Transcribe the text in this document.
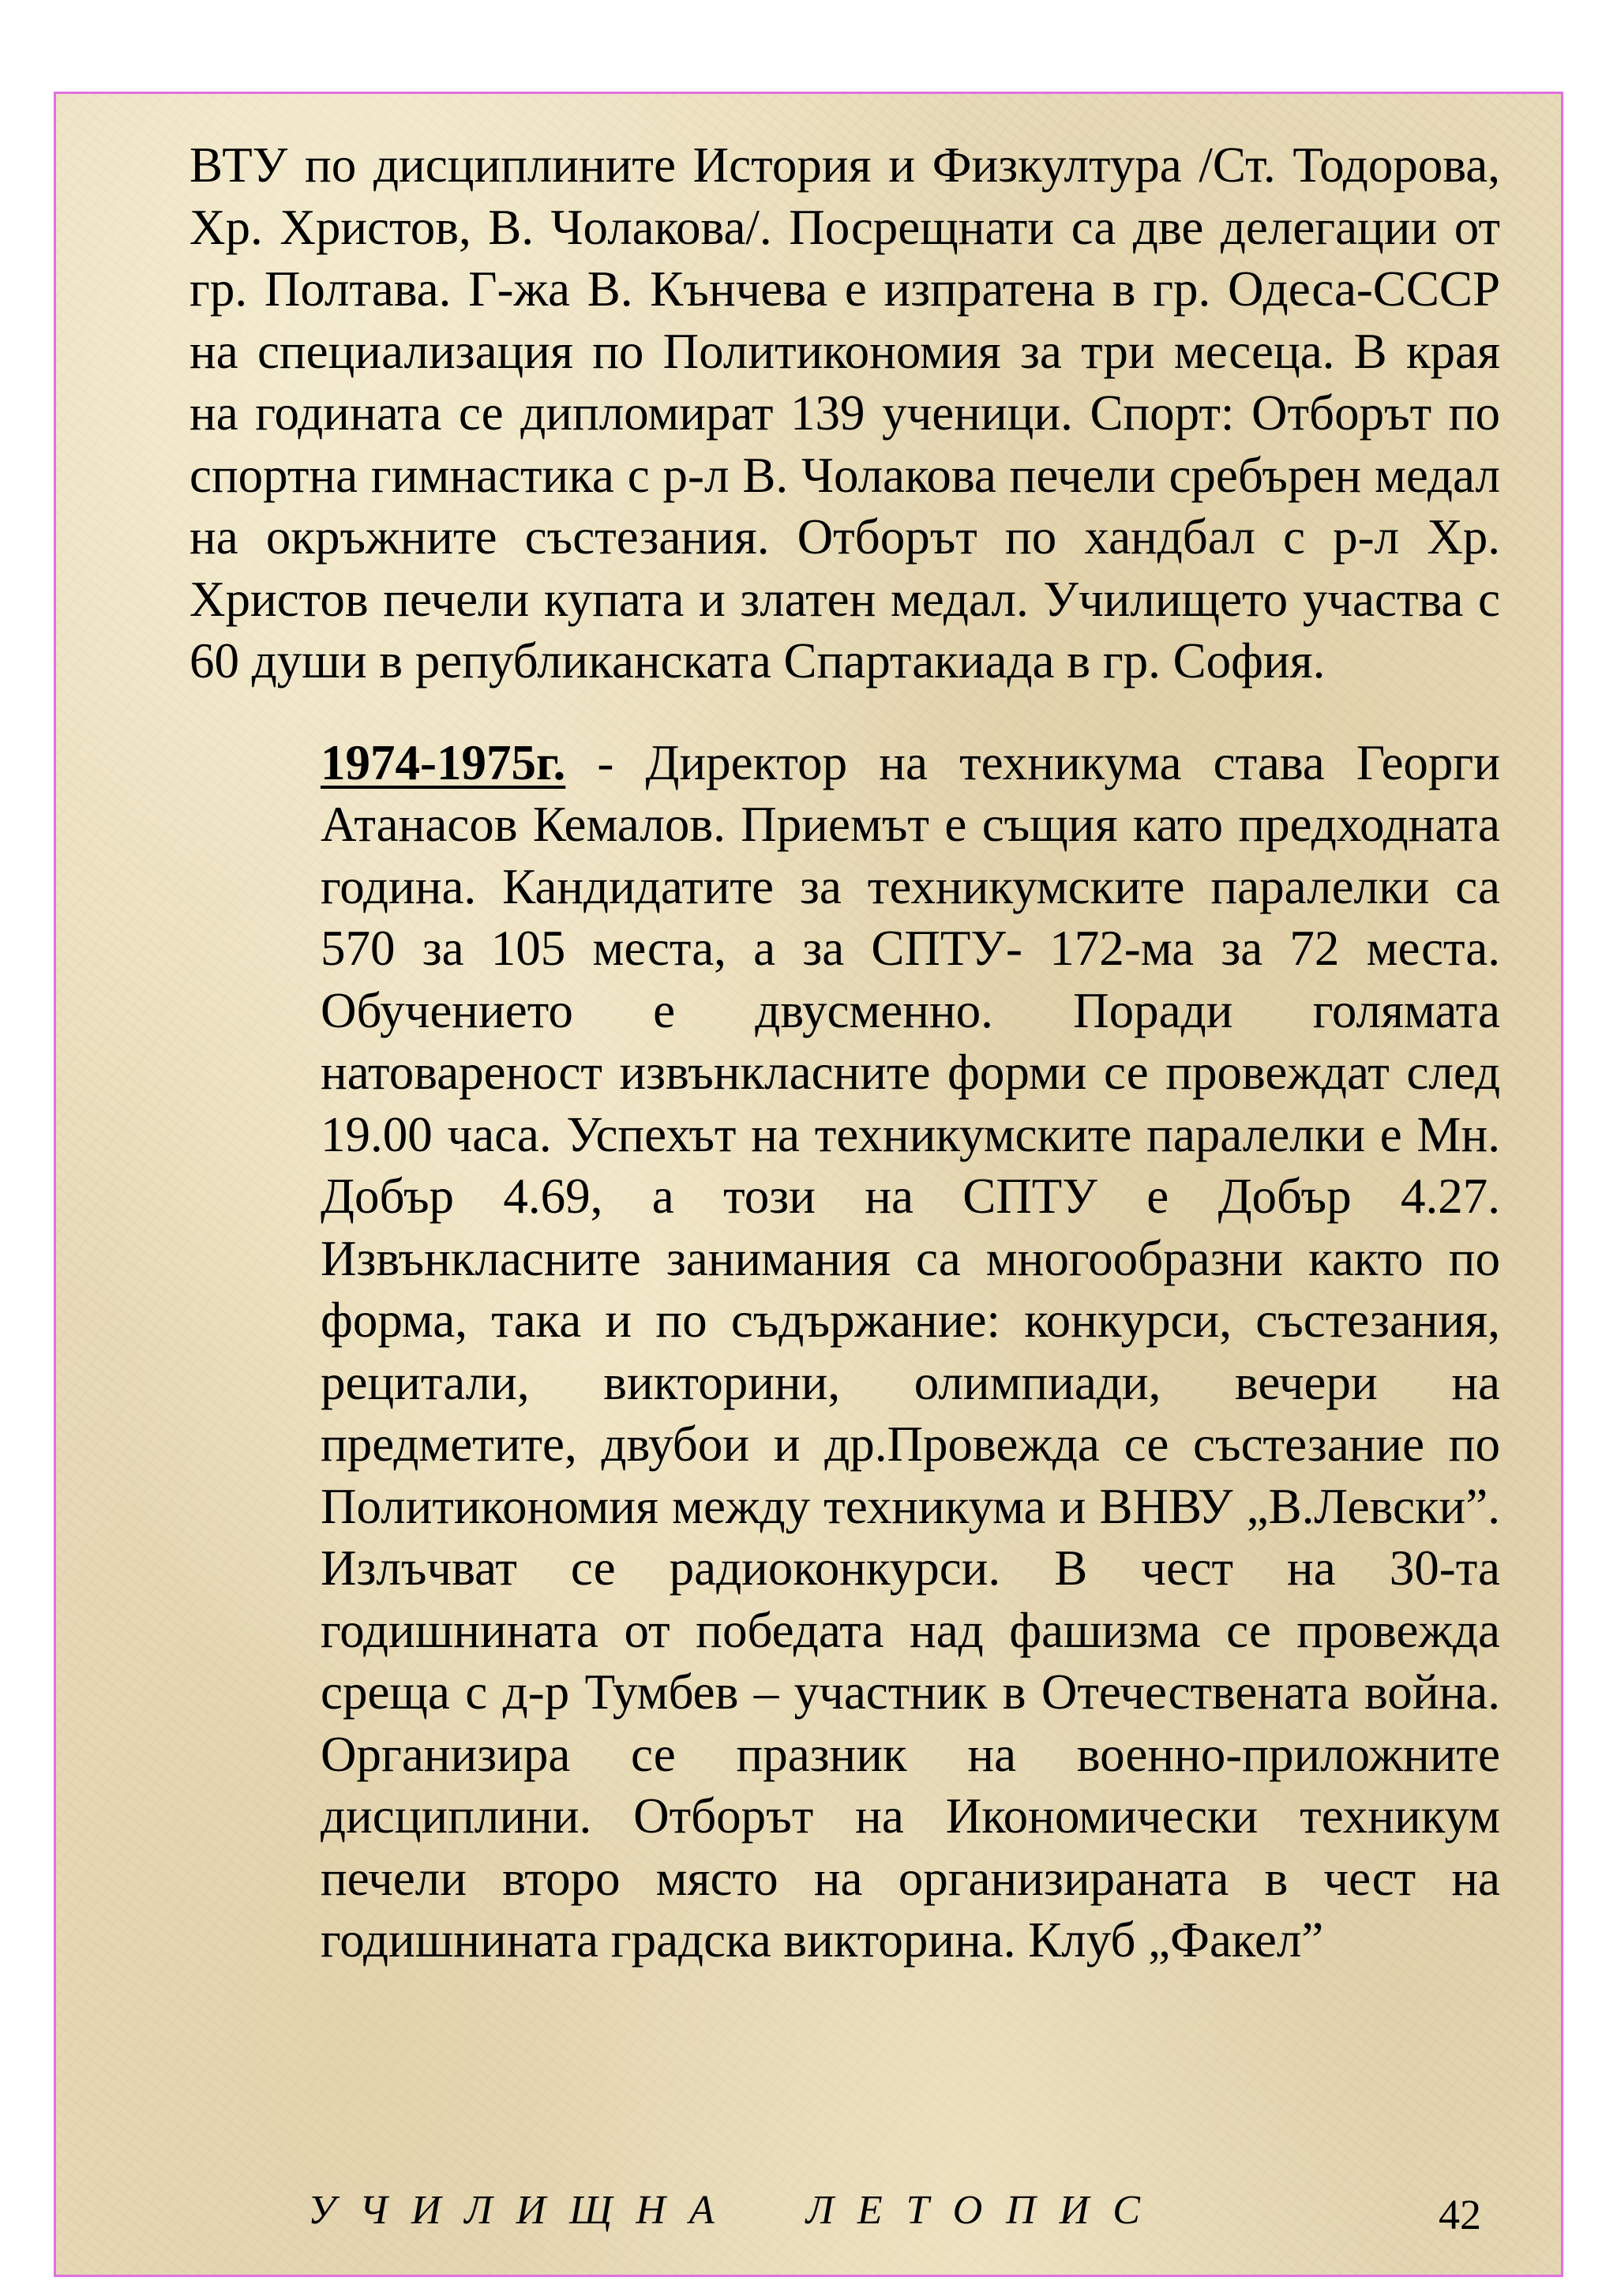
ВТУ по дисциплините История и Физкултура /Ст. Тодорова, Хр. Христов, В. Чолакова/. Посрещнати са две делегации от гр. Полтава. Г-жа В. Кънчева е изпратена в гр. Одеса-СССР на специализация по Политикономия за три месеца. В края на годината се дипломират 139 ученици. Спорт: Отборът по спортна гимнастика с р-л В. Чолакова печели сребърен медал на окръжните състезания. Отборът по хандбал с р-л Хр. Христов печели купата и златен медал. Училището участва с 60 души в републиканската Спартакиада в гр. София.

1974-1975г. - Директор на техникума става Георги Атанасов Кемалов. Приемът е същия като предходната година. Кандидатите за техникумските паралелки са 570 за 105 места, а за СПТУ- 172-ма за 72 места. Обучението е двусменно. Поради голямата натовареност извънкласните форми се провеждат след 19.00 часа. Успехът на техникумските паралелки е Мн. Добър 4.69, а този на СПТУ е Добър 4.27. Извънкласните занимания са многообразни както по форма, така и по съдържание: конкурси, състезания, рецитали, викторини, олимпиади, вечери на предметите, двубои и др.Провежда се състезание по Политикономия между техникума и ВНВУ „В.Левски”. Излъчват се радиоконкурси. В чест на 30-та годишнината от победата над фашизма се провежда среща с д-р Тумбев – участник в Отечествената война. Организира се празник на военно-приложните дисциплини. Отборът на Икономически техникум печели второ място на организираната в чест на годишнината градска викторина. Клуб „Факел”

УЧИЛИЩНА  ЛЕТОПИС	42
